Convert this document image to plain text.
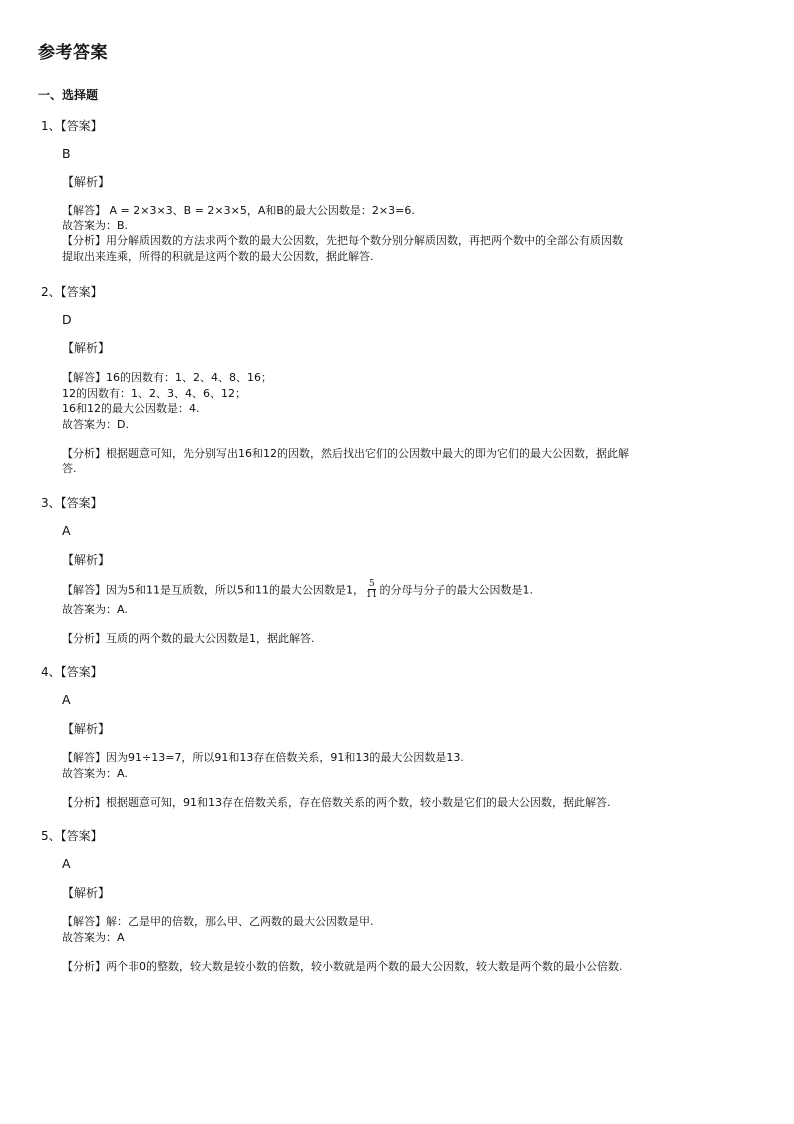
参考答案
一、选择题
1、【答案】
B
【解析】
【解答】 A = 2×3×3、B = 2×3×5，A和B的最大公因数是：2×3=6.
故答案为：B.
【分析】用分解质因数的方法求两个数的最大公因数，先把每个数分别分解质因数，再把两个数中的全部公有质因数
提取出来连乘，所得的积就是这两个数的最大公因数，据此解答.
2、【答案】
D
【解析】
【解答】16的因数有：1、2、4、8、16；
12的因数有：1、2、3、4、6、12；
16和12的最大公因数是：4.
故答案为：D.
【分析】根据题意可知，先分别写出16和12的因数，然后找出它们的公因数中最大的即为它们的最大公因数，据此解
答.
3、【答案】
A
【解析】
【解答】因为5和11是互质数，所以5和11的最大公因数是1， $\frac{5}{11}$ 的分母与分子的最大公因数是1.
故答案为：A.
【分析】互质的两个数的最大公因数是1，据此解答.
4、【答案】
A
【解析】
【解答】因为91÷13=7，所以91和13存在倍数关系，91和13的最大公因数是13.
故答案为：A.
【分析】根据题意可知，91和13存在倍数关系，存在倍数关系的两个数，较小数是它们的最大公因数，据此解答.
5、【答案】
A
【解析】
【解答】解：乙是甲的倍数，那么甲、乙两数的最大公因数是甲.
故答案为：A
【分析】两个非0的整数，较大数是较小数的倍数，较小数就是两个数的最大公因数，较大数是两个数的最小公倍数.
